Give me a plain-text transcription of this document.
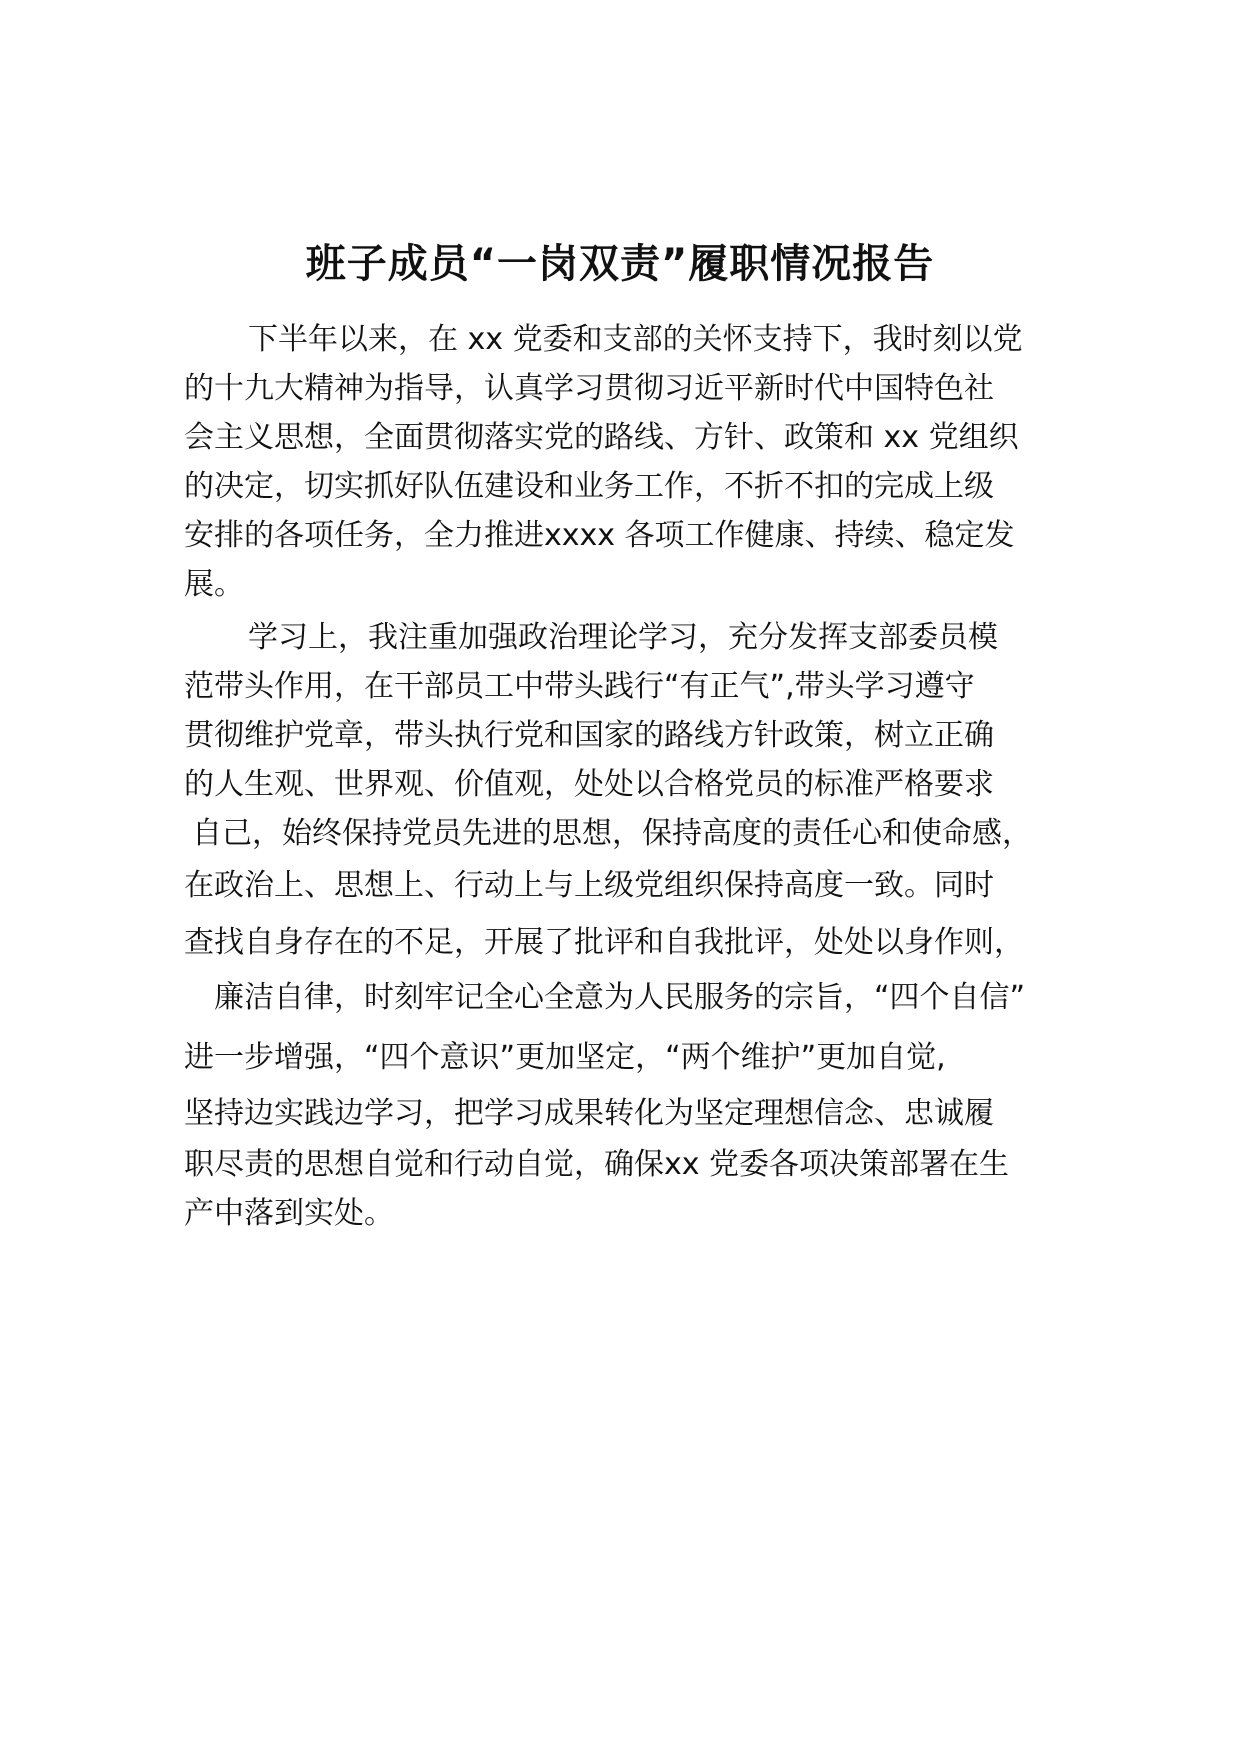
班子成员“一岗双责”履职情况报告

下半年以来，在 xx 党委和支部的关怀支持下，我时刻以党

的十九大精神为指导，认真学习贯彻习近平新时代中国特色社

会主义思想，全面贯彻落实党的路线、方针、政策和 xx 党组织

的决定，切实抓好队伍建设和业务工作，不折不扣的完成上级

安排的各项任务，全力推进xxxx 各项工作健康、持续、稳定发

展。

学习上，我注重加强政治理论学习，充分发挥支部委员模

范带头作用，在干部员工中带头践行“有正气”,带头学习遵守

贯彻维护党章，带头执行党和国家的路线方针政策，树立正确

的人生观、世界观、价值观，处处以合格党员的标准严格要求

自己，始终保持党员先进的思想，保持高度的责任心和使命感，

在政治上、思想上、行动上与上级党组织保持高度一致。同时

查找自身存在的不足，开展了批评和自我批评，处处以身作则，

廉洁自律，时刻牢记全心全意为人民服务的宗旨，“四个自信”

进一步增强，“四个意识”更加坚定，“两个维护”更加自觉,

坚持边实践边学习，把学习成果转化为坚定理想信念、忠诚履

职尽责的思想自觉和行动自觉，确保xx 党委各项决策部署在生

产中落到实处。
